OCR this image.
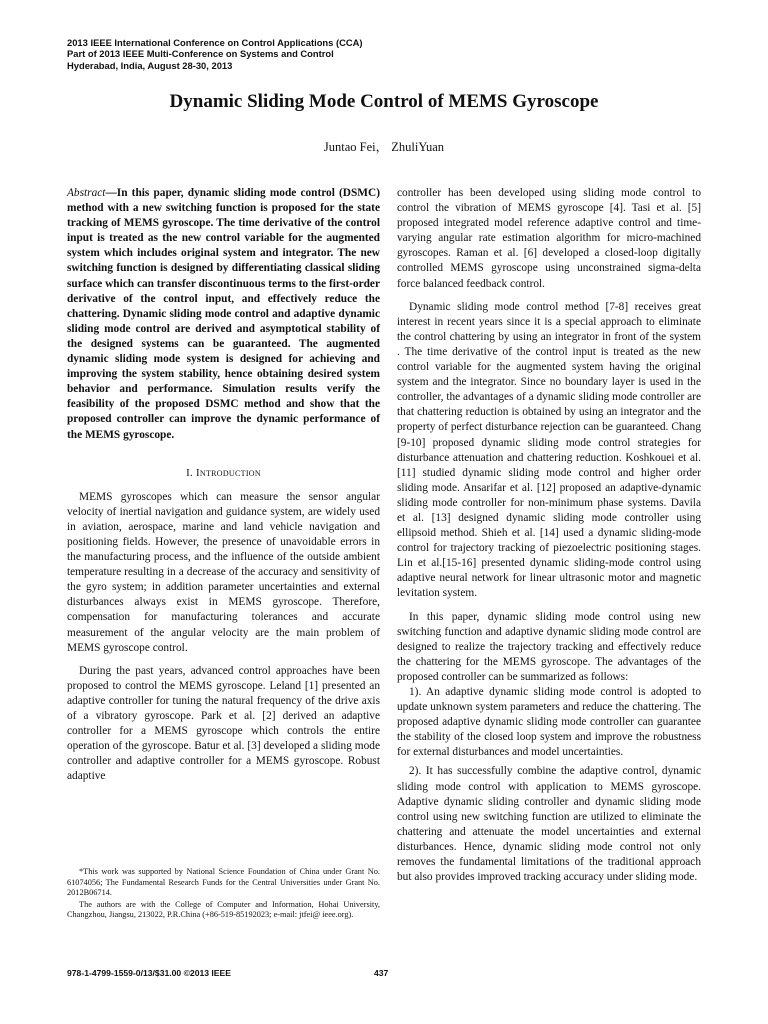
2013 IEEE International Conference on Control Applications (CCA)
Part of 2013 IEEE Multi-Conference on Systems and Control
Hyderabad, India, August 28-30, 2013
Dynamic Sliding Mode Control of MEMS Gyroscope
Juntao Fei， ZhuliYuan

Abstract—In this paper, dynamic sliding mode control (DSMC) method with a new switching function is proposed for the state tracking of MEMS gyroscope. The time derivative of the control input is treated as the new control variable for the augmented system which includes original system and integrator. The new switching function is designed by differentiating classical sliding surface which can transfer discontinuous terms to the first-order derivative of the control input, and effectively reduce the chattering. Dynamic sliding mode control and adaptive dynamic sliding mode control are derived and asymptotical stability of the designed systems can be guaranteed. The augmented dynamic sliding mode system is designed for achieving and improving the system stability, hence obtaining desired system behavior and performance. Simulation results verify the feasibility of the proposed DSMC method and show that the proposed controller can improve the dynamic performance of the MEMS gyroscope.

I. Introduction

MEMS gyroscopes which can measure the sensor angular velocity of inertial navigation and guidance system, are widely used in aviation, aerospace, marine and land vehicle navigation and positioning fields. However, the presence of unavoidable errors in the manufacturing process, and the influence of the outside ambient temperature resulting in a decrease of the accuracy and sensitivity of the gyro system; in addition parameter uncertainties and external disturbances always exist in MEMS gyroscope. Therefore, compensation for manufacturing tolerances and accurate measurement of the angular velocity are the main problem of MEMS gyroscope control.

During the past years, advanced control approaches have been proposed to control the MEMS gyroscope. Leland [1] presented an adaptive controller for tuning the natural frequency of the drive axis of a vibratory gyroscope. Park et al. [2] derived an adaptive controller for a MEMS gyroscope which controls the entire operation of the gyroscope. Batur et al. [3] developed a sliding mode controller and adaptive controller for a MEMS gyroscope. Robust adaptive

*This work was supported by National Science Foundation of China under Grant No. 61074056; The Fundamental Research Funds for the Central Universities under Grant No. 2012B06714.

The authors are with the College of Computer and Information, Hohai University, Changzhou, Jiangsu, 213022, P.R.China (+86-519-85192023; e-mail: jtfei@ ieee.org).

controller has been developed using sliding mode control to control the vibration of MEMS gyroscope [4]. Tasi et al. [5] proposed integrated model reference adaptive control and time-varying angular rate estimation algorithm for micro-machined gyroscopes. Raman et al. [6] developed a closed-loop digitally controlled MEMS gyroscope using unconstrained sigma-delta force balanced feedback control.

Dynamic sliding mode control method [7-8] receives great interest in recent years since it is a special approach to eliminate the control chattering by using an integrator in front of the system . The time derivative of the control input is treated as the new control variable for the augmented system having the original system and the integrator. Since no boundary layer is used in the controller, the advantages of a dynamic sliding mode controller are that chattering reduction is obtained by using an integrator and the property of perfect disturbance rejection can be guaranteed. Chang [9-10] proposed dynamic sliding mode control strategies for disturbance attenuation and chattering reduction. Koshkouei et al. [11] studied dynamic sliding mode control and higher order sliding mode. Ansarifar et al. [12] proposed an adaptive-dynamic sliding mode controller for non-minimum phase systems. Davila et al. [13] designed dynamic sliding mode controller using ellipsoid method. Shieh et al. [14] used a dynamic sliding-mode control for trajectory tracking of piezoelectric positioning stages. Lin et al.[15-16] presented dynamic sliding-mode control using adaptive neural network for linear ultrasonic motor and magnetic levitation system.

In this paper, dynamic sliding mode control using new switching function and adaptive dynamic sliding mode control are designed to realize the trajectory tracking and effectively reduce the chattering for the MEMS gyroscope. The advantages of the proposed controller can be summarized as follows:

1). An adaptive dynamic sliding mode control is adopted to update unknown system parameters and reduce the chattering. The proposed adaptive dynamic sliding mode controller can guarantee the stability of the closed loop system and improve the robustness for external disturbances and model uncertainties.

2). It has successfully combine the adaptive control, dynamic sliding mode control with application to MEMS gyroscope. Adaptive dynamic sliding controller and dynamic sliding mode control using new switching function are utilized to eliminate the chattering and attenuate the model uncertainties and external disturbances. Hence, dynamic sliding mode control not only removes the fundamental limitations of the traditional approach but also provides improved tracking accuracy under sliding mode.

978-1-4799-1559-0/13/$31.00 ©2013 IEEE	437
